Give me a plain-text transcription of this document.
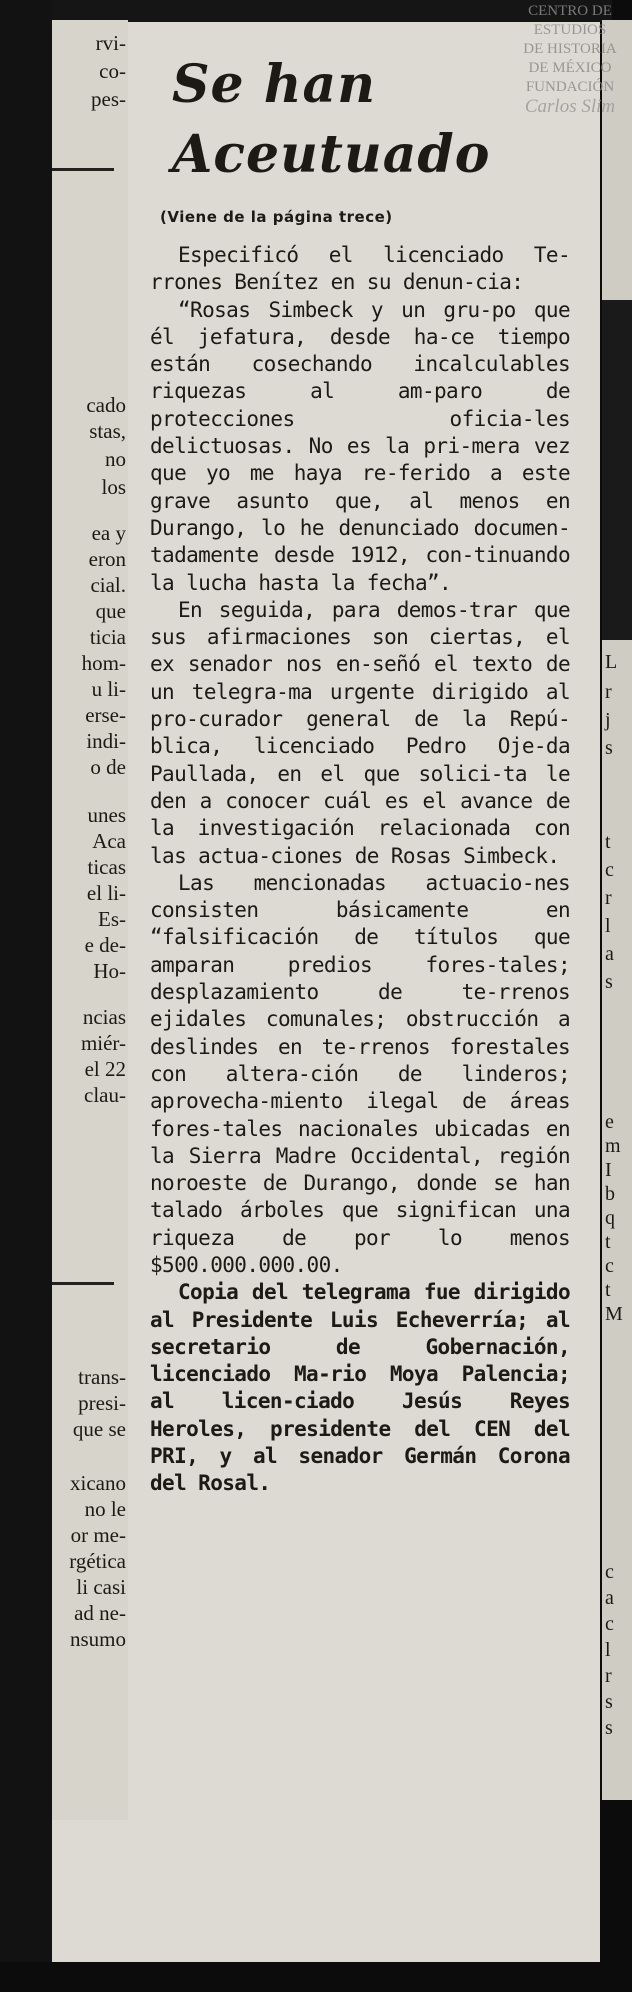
rvi-
co-
pes-
cado
stas,
no
los
ea y
eron
cial.
que
ticia
hom-
u li-
erse-
indi-
o de
unes
Aca
ticas
el li-
Es-
e de-
Ho-
ncias
miér-
el 22
clau-
trans-
presi-
que se
xicano
no le
or me-
rgética
li casi
ad ne-
nsumo
L
r
j
s
t
c
r
l
a
s
e
m
I
b
q
t
c
t
M
c
a
c
l
r
s
s
CENTRO DE
ESTUDIOS
DE HISTORIA
DE MÉXICO
FUNDACIÓN
Carlos Slim
Se han
Aceutuado
(Viene de la página trece)

Especificó el licenciado Te-rrones Benítez en su denun-cia:

“Rosas Simbeck y un gru-po que él jefatura, desde ha-ce tiempo están cosechando incalculables riquezas al am-paro de protecciones oficia-les delictuosas. No es la pri-mera vez que yo me haya re-ferido a este grave asunto que, al menos en Durango, lo he denunciado documen-tadamente desde 1912, con-tinuando la lucha hasta la fecha”.

En seguida, para demos-trar que sus afirmaciones son ciertas, el ex senador nos en-señó el texto de un telegra-ma urgente dirigido al pro-curador general de la Repú-blica, licenciado Pedro Oje-da Paullada, en el que solici-ta le den a conocer cuál es el avance de la investigación relacionada con las actua-ciones de Rosas Simbeck.

Las mencionadas actuacio-nes consisten básicamente en “falsificación de títulos que amparan predios fores-tales; desplazamiento de te-rrenos ejidales comunales; obstrucción a deslindes en te-rrenos forestales con altera-ción de linderos; aprovecha-miento ilegal de áreas fores-tales nacionales ubicadas en la Sierra Madre Occidental, región noroeste de Durango, donde se han talado árboles que significan una riqueza de por lo menos $500.000.000.00.

Copia del telegrama fue dirigido al Presidente Luis Echeverría; al secretario de Gobernación, licenciado Ma-rio Moya Palencia; al licen-ciado Jesús Reyes Heroles, presidente del CEN del PRI, y al senador Germán Corona del Rosal.
